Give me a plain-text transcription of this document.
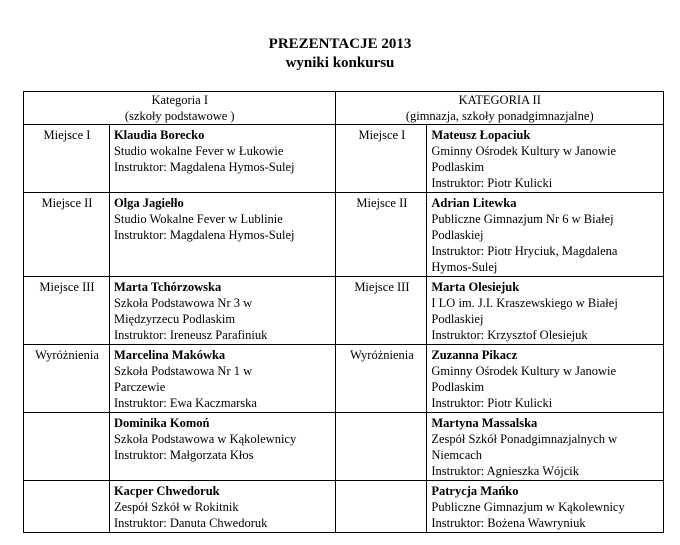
PREZENTACJE 2013
wyniki konkursu
Kategoria I
(szkoły podstawowe )		KATEGORIA II
(gimnazja, szkoły ponadgimnazjalne)	

Miejsce I	Klaudia Borecko
Studio wokalne Fever w Łukowie
Instruktor: Magdalena Hymos-Sulej	Miejsce I	Mateusz Łopaciuk
Gminny Ośrodek Kultury w Janowie
Podlaskim
Instruktor: Piotr Kulicki

Miejsce II	Olga Jagiełło
Studio Wokalne Fever w Lublinie
Instruktor: Magdalena Hymos-Sulej	Miejsce II	Adrian Litewka
Publiczne Gimnazjum Nr 6 w Białej
Podlaskiej
Instruktor: Piotr Hryciuk, Magdalena
Hymos-Sulej

Miejsce III	Marta Tchórzowska
Szkoła Podstawowa Nr 3 w
Międzyrzecu Podlaskim
Instruktor: Ireneusz Parafiniuk	Miejsce III	Marta Olesiejuk
I LO im. J.I. Kraszewskiego w Białej
Podlaskiej
Instruktor: Krzysztof Olesiejuk

Wyróżnienia	Marcelina Makówka
Szkoła Podstawowa Nr 1 w
Parczewie
Instruktor: Ewa Kaczmarska	Wyróżnienia	Zuzanna Pikacz
Gminny Ośrodek Kultury w Janowie
Podlaskim
Instruktor: Piotr Kulicki

	Dominika Komoń
Szkoła Podstawowa w Kąkolewnicy
Instruktor: Małgorzata Kłos		Martyna Massalska
Zespół Szkół Ponadgimnazjalnych w
Niemcach
Instruktor: Agnieszka Wójcik

	Kacper Chwedoruk
Zespół Szkół w Rokitnik
Instruktor: Danuta Chwedoruk		Patrycja Mańko
Publiczne Gimnazjum w Kąkolewnicy
Instruktor: Bożena Wawryniuk
